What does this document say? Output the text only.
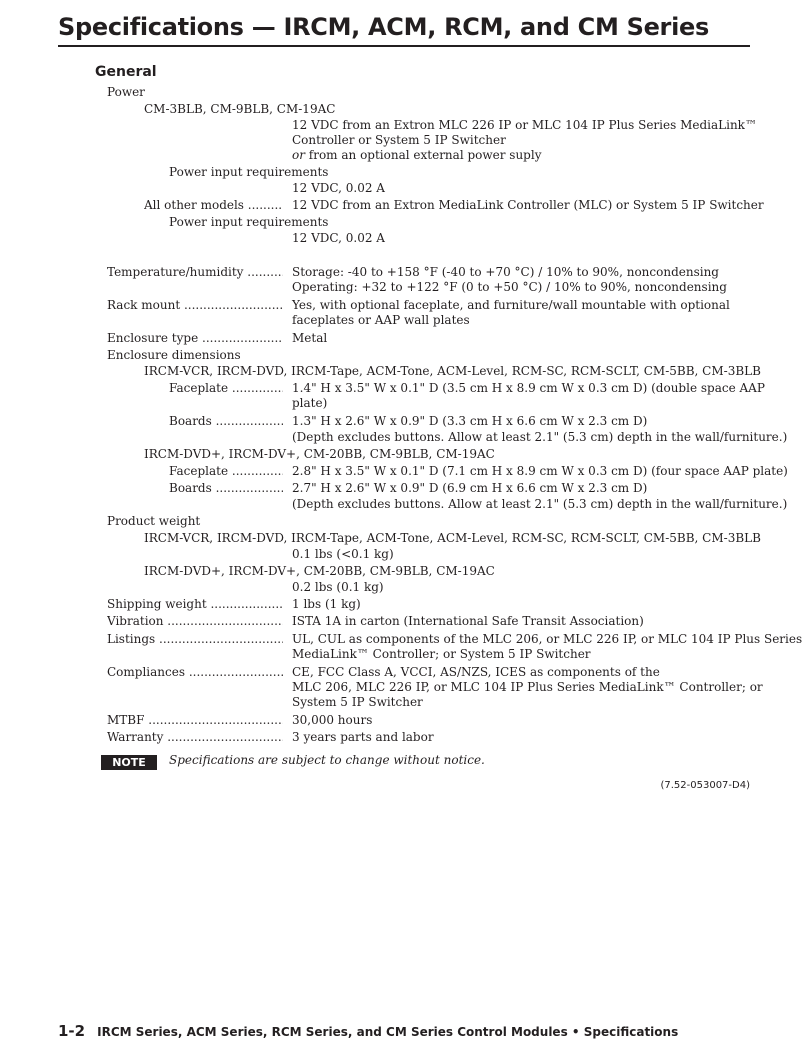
Specifications — IRCM, ACM, RCM, and CM Series
General
Power
CM-3BLB, CM-9BLB, CM-19AC
12 VDC from an Extron MLC 226 IP or MLC 104 IP Plus Series MediaLink™
Controller or System 5 IP Switcher
or from an optional external power suply
Power input requirements
12 VDC, 0.02 A
All other models .....	12 VDC from an Extron MediaLink Controller (MLC) or System 5 IP Switcher
Power input requirements
12 VDC, 0.02 A
Temperature/humidity .....	Storage: -40 to +158 °F (-40 to +70 °C) / 10% to 90%, noncondensing
Operating: +32 to +122 °F (0 to +50 °C) / 10% to 90%, noncondensing
Rack mount .....	Yes, with optional faceplate, and furniture/wall mountable with optional
faceplates or AAP wall plates
Enclosure type .....	Metal
Enclosure dimensions
IRCM-VCR, IRCM-DVD, IRCM-Tape, ACM-Tone, ACM-Level, RCM-SC, RCM-SCLT, CM-5BB, CM-3BLB
Faceplate .....	1.4" H x 3.5" W x 0.1" D (3.5 cm H x 8.9 cm W x 0.3 cm D) (double space AAP
plate)
Boards .....	1.3" H x 2.6" W x 0.9" D (3.3 cm H x 6.6 cm W x 2.3 cm D)
(Depth excludes buttons. Allow at least 2.1" (5.3 cm) depth in the wall/furniture.)
IRCM-DVD+, IRCM-DV+, CM-20BB, CM-9BLB, CM-19AC
Faceplate .....	2.8" H x 3.5" W x 0.1" D (7.1 cm H x 8.9 cm W x 0.3 cm D) (four space AAP plate)
Boards .....	2.7" H x 2.6" W x 0.9" D (6.9 cm H x 6.6 cm W x 2.3 cm D)
(Depth excludes buttons. Allow at least 2.1" (5.3 cm) depth in the wall/furniture.)
Product weight
IRCM-VCR, IRCM-DVD, IRCM-Tape, ACM-Tone, ACM-Level, RCM-SC, RCM-SCLT, CM-5BB, CM-3BLB
0.1 lbs (<0.1 kg)
IRCM-DVD+, IRCM-DV+, CM-20BB, CM-9BLB, CM-19AC
0.2 lbs (0.1 kg)
Shipping weight .....	1 lbs (1 kg)
Vibration .....	ISTA 1A in carton (International Safe Transit Association)
Listings .....	UL, CUL as components of the MLC 206, or MLC 226 IP, or MLC 104 IP Plus Series
MediaLink™ Controller; or System 5 IP Switcher
Compliances .....	CE, FCC Class A, VCCI, AS/NZS, ICES as components of the
MLC 206, MLC 226 IP, or MLC 104 IP Plus Series MediaLink™ Controller; or
System 5 IP Switcher
MTBF .....	30,000 hours
Warranty .....	3 years parts and labor
NOTE	Specifications are subject to change without notice.
(7.52-053007-D4)
1-2 IRCM Series, ACM Series, RCM Series, and CM Series Control Modules • Specifications
